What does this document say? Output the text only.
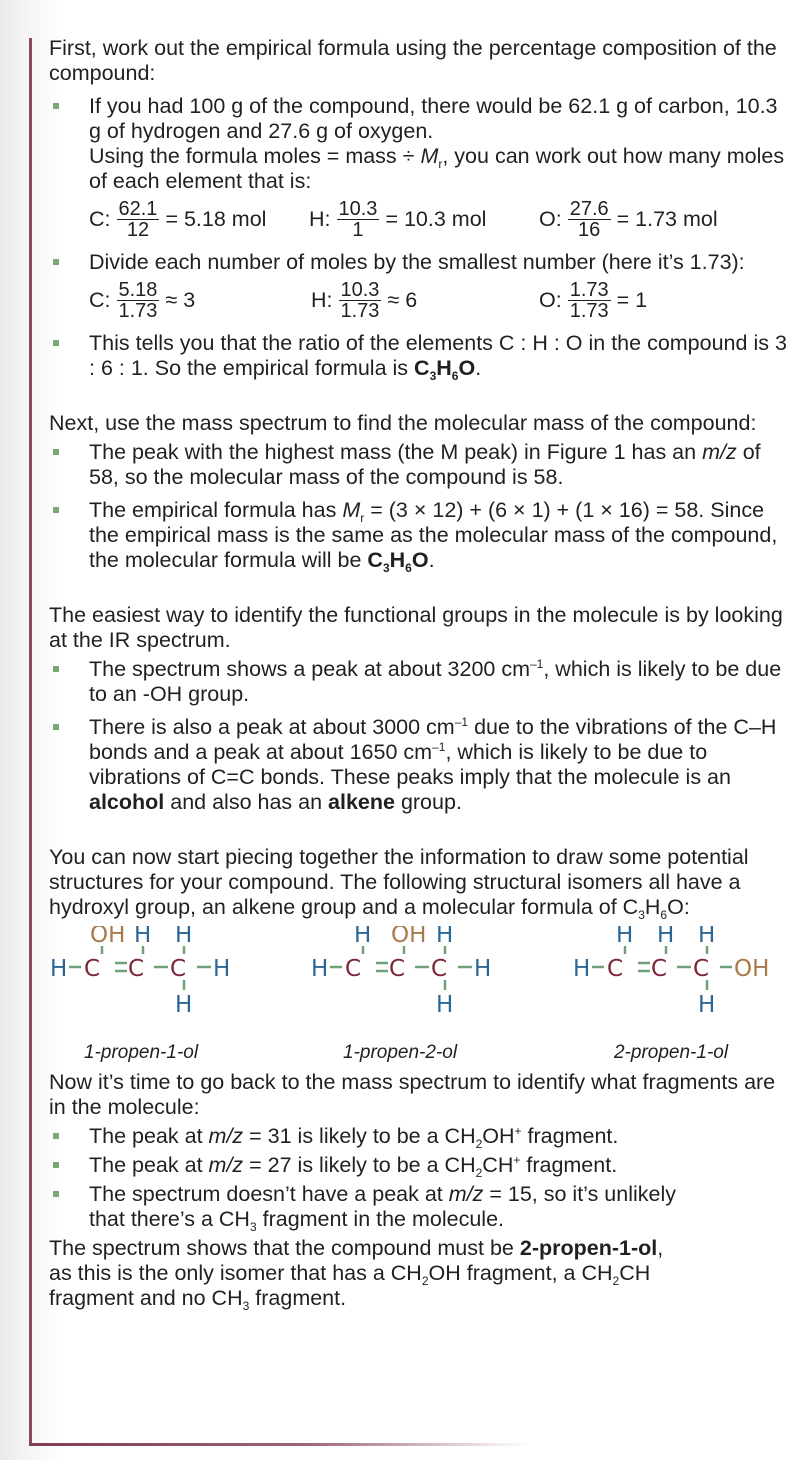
First, work out the empirical formula using the percentage composition of the compound:

If you had 100 g of the compound, there would be 62.1 g of carbon, 10.3 g of hydrogen and 27.6 g of oxygen.
Using the formula moles = mass ÷ $M_r$, you can work out how many moles of each element that is:
C: $\frac{62.1}{12} = 5.18$ mol H: $\frac{10.3}{1} = 10.3$ mol O: $\frac{27.6}{16} = 1.73$ mol
Divide each number of moles by the smallest number (here it’s 1.73):
C: $\frac{5.18}{1.73} \approx 3$	H: $\frac{10.3}{1.73} \approx 6$	O: $\frac{1.73}{1.73} = 1$
This tells you that the ratio of the elements C : H : O in the compound is 3 : 6 : 1. So the empirical formula is $C_3H_6O$.

Next, use the mass spectrum to find the molecular mass of the compound:

The peak with the highest mass (the M peak) in Figure 1 has an m/z of 58, so the molecular mass of the compound is 58.
The empirical formula has $M_r = (3 \times 12) + (6 \times 1) + (1 \times 16) = 58$. Since the empirical mass is the same as the molecular mass of the compound, the molecular formula will be $C_3H_6O$.

The easiest way to identify the functional groups in the molecule is by looking at the IR spectrum.

The spectrum shows a peak at about 3200 $cm^{-1}$, which is likely to be due to an -OH group.
There is also a peak at about 3000 $cm^{-1}$ due to the vibrations of the C–H bonds and a peak at about 1650 $cm^{-1}$, which is likely to be due to vibrations of C=C bonds. These peaks imply that the molecule is an alcohol and also has an alkene group.

You can now start piecing together the information to draw some potential structures for your compound. The following structural isomers all have a hydroxyl group, an alkene group and a molecular formula of $C_3H_6O$:

H C C C H
OH H H
H
1-propen-1-ol
H C C C H
H OH H
H
1-propen-2-ol
H C C C OH
H H H
H
2-propen-1-ol

Now it’s time to go back to the mass spectrum to identify what fragments are in the molecule:

The peak at m/z = 31 is likely to be a $CH_2OH^+$ fragment.
The peak at m/z = 27 is likely to be a $CH_2CH^+$ fragment.
The spectrum doesn’t have a peak at m/z = 15, so it’s unlikely that there’s a $CH_3$ fragment in the molecule.

The spectrum shows that the compound must be 2-propen-1-ol, as this is the only isomer that has a $CH_2OH$ fragment, a $CH_2CH$ fragment and no $CH_3$ fragment.
